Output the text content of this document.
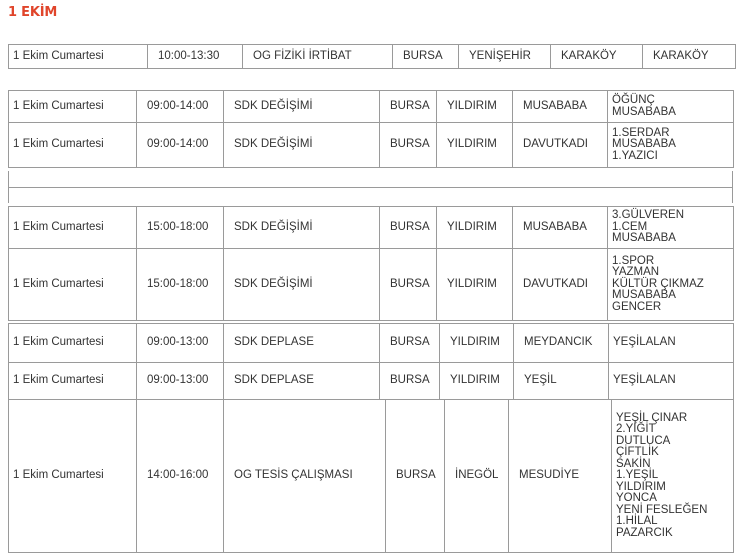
1 EKİM
1 Ekim Cumartesi	10:00-13:30	OG FİZİKİ İRTİBAT	BURSA	YENİŞEHİR	KARAKÖY	KARAKÖY
1 Ekim Cumartesi	09:00-14:00	SDK DEĞİŞİMİ	BURSA	YILDIRIM	MUSABABA	ÖĞÜNÇ
MUSABABA

1 Ekim Cumartesi	09:00-14:00	SDK DEĞİŞİMİ	BURSA	YILDIRIM	DAVUTKADI	1.SERDAR
MUSABABA
1.YAZICI

1 Ekim Cumartesi	15:00-18:00	SDK DEĞİŞİMİ	BURSA	YILDIRIM	MUSABABA	3.GÜLVEREN
1.CEM
MUSABABA

1 Ekim Cumartesi	15:00-18:00	SDK DEĞİŞİMİ	BURSA	YILDIRIM	DAVUTKADI	1.SPOR
YAZMAN
KÜLTÜR ÇIKMAZ
MUSABABA
GENCER
1 Ekim Cumartesi	09:00-13:00	SDK DEPLASE	BURSA	YILDIRIM	MEYDANCIK	YEŞİLALAN

1 Ekim Cumartesi	09:00-13:00	SDK DEPLASE	BURSA	YILDIRIM	YEŞİL	YEŞİLALAN
1 Ekim Cumartesi	14:00-16:00	OG TESİS ÇALIŞMASI	BURSA	İNEGÖL	MESUDİYE	
YEŞİL ÇINAR
2.YİĞİT
DUTLUCA
ÇİFTLİK
SAKİN
1.YEŞİL
YILDIRIM
YONCA
YENİ FESLEĞEN
1.HİLAL
PAZARCIK
